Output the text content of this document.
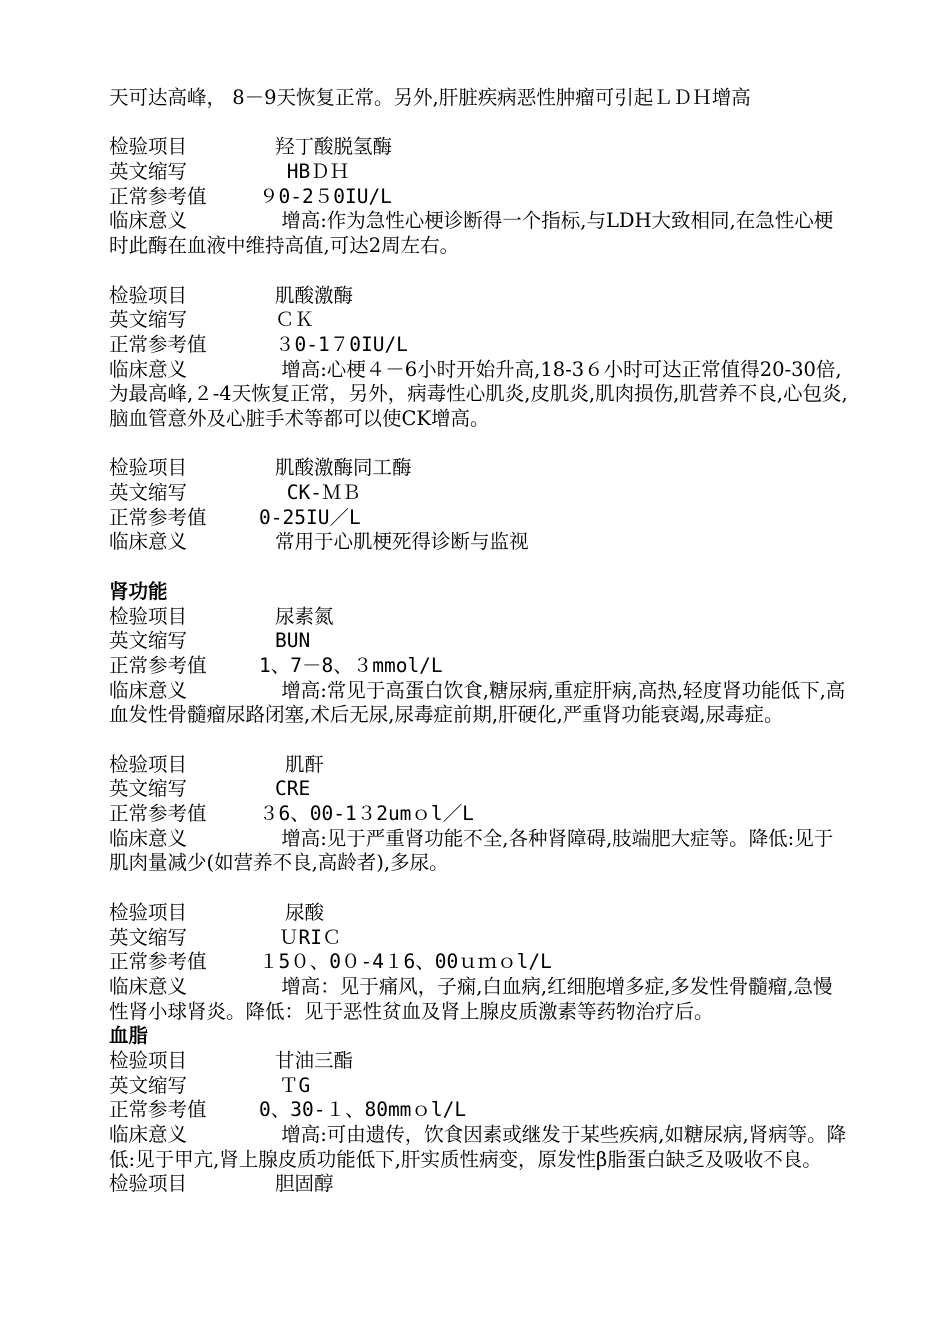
天可达高峰， 8－9天恢复正常。另外,肝脏疾病恶性肿瘤可引起ＬＤＨ增高
检验项目	羟丁酸脱氢酶
英文缩写	HBＤＨ
正常参考值	９0-2５0IU/L
临床意义	增高:作为急性心梗诊断得一个指标,与LDH大致相同,在急性心梗时此酶在血液中维持高值,可达2周左右。
检验项目	肌酸激酶
英文缩写	ＣＫ
正常参考值	３0-1７0IU/L
临床意义	增高:心梗４－6小时开始升高,18-3６小时可达正常值得20-30倍,为最高峰,２-4天恢复正常，另外，病毒性心肌炎,皮肌炎,肌肉损伤,肌营养不良,心包炎,脑血管意外及心脏手术等都可以使CK增高。
检验项目	肌酸激酶同工酶
英文缩写	CK-ＭＢ
正常参考值	0-25IU／L
临床意义	常用于心肌梗死得诊断与监视
肾功能
检验项目	尿素氮
英文缩写	BUN
正常参考值	1、7－8、３mmol/L
临床意义	增高:常见于高蛋白饮食,糖尿病,重症肝病,高热,轻度肾功能低下,高血发性骨髓瘤尿路闭塞,术后无尿,尿毒症前期,肝硬化,严重肾功能衰竭,尿毒症。
检验项目	肌酐
英文缩写	CRE
正常参考值	３6、00-1３2umｏl／L
临床意义	增高:见于严重肾功能不全,各种肾障碍,肢端肥大症等。降低:见于肌肉量减少(如营养不良,高龄者),多尿。
检验项目	尿酸
英文缩写	ＵRIＣ
正常参考值	１5０、0０-4１6、00ｕｍｏl/L
临床意义	增高：见于痛风，子痫,白血病,红细胞增多症,多发性骨髓瘤,急慢性肾小球肾炎。降低：见于恶性贫血及肾上腺皮质激素等药物治疗后。
血脂
检验项目	甘油三酯
英文缩写	ＴG
正常参考值	0、30-１、80mmｏl/L
临床意义	增高:可由遗传，饮食因素或继发于某些疾病,如糖尿病,肾病等。降低:见于甲亢,肾上腺皮质功能低下,肝实质性病变，原发性β脂蛋白缺乏及吸收不良。
检验项目	胆固醇
